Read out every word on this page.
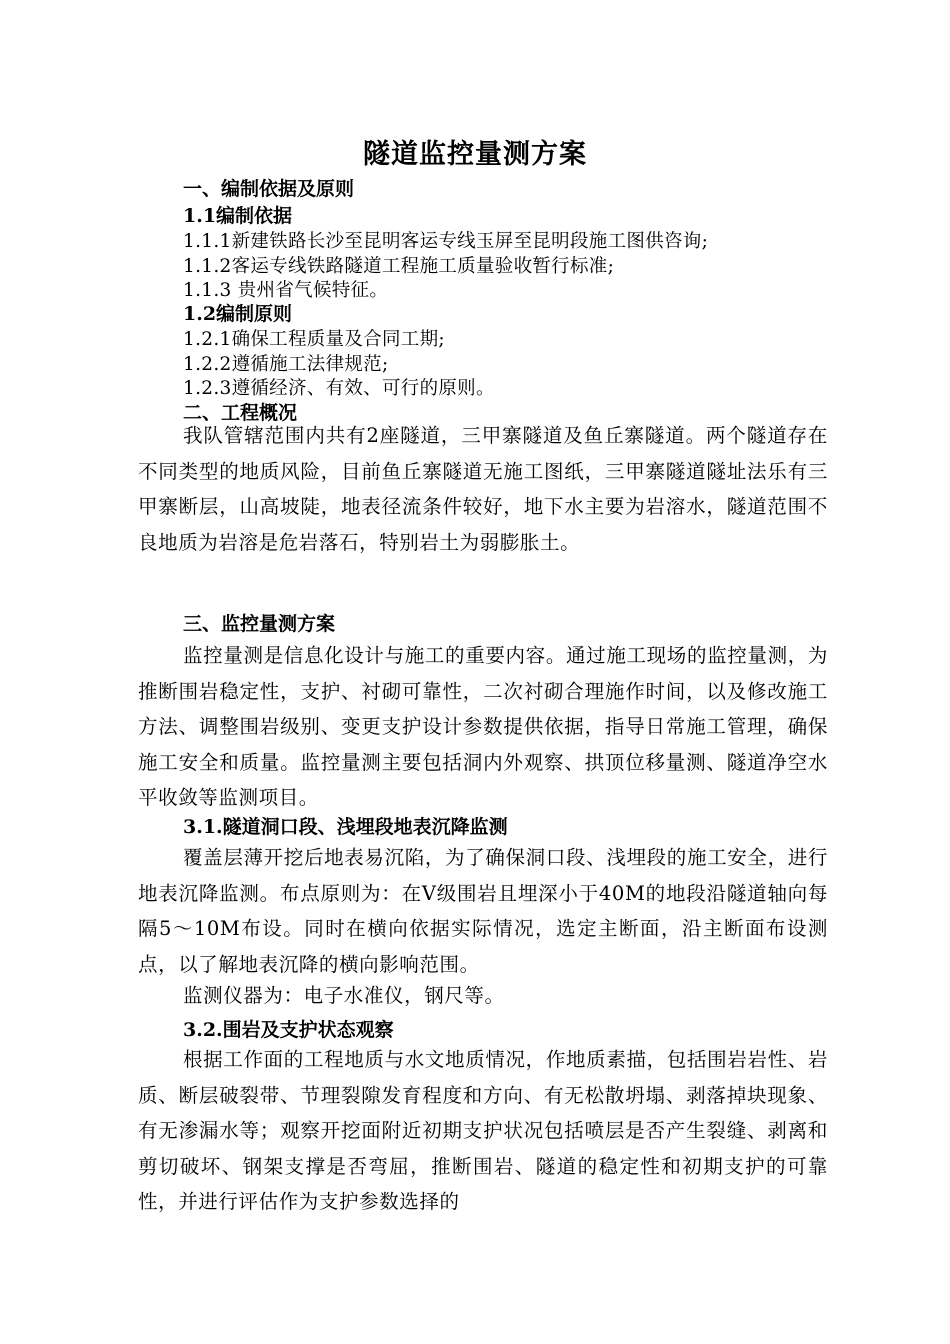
隧道监控量测方案
一、编制依据及原则
1.1编制依据
1.1.1新建铁路长沙至昆明客运专线玉屏至昆明段施工图供咨询;
1.1.2客运专线铁路隧道工程施工质量验收暂行标准;
1.1.3 贵州省气候特征。
1.2编制原则
1.2.1确保工程质量及合同工期;
1.2.2遵循施工法律规范;
1.2.3遵循经济、有效、可行的原则。
二、工程概况

我队管辖范围内共有2座隧道，三甲寨隧道及鱼丘寨隧道。两个隧道存在不同类型的地质风险，目前鱼丘寨隧道无施工图纸，三甲寨隧道隧址法乐有三甲寨断层，山高坡陡，地表径流条件较好，地下水主要为岩溶水，隧道范围不良地质为岩溶是危岩落石，特别岩土为弱膨胀土。

三、监控量测方案

监控量测是信息化设计与施工的重要内容。通过施工现场的监控量测，为推断围岩稳定性，支护、衬砌可靠性，二次衬砌合理施作时间，以及修改施工方法、调整围岩级别、变更支护设计参数提供依据，指导日常施工管理，确保施工安全和质量。监控量测主要包括洞内外观察、拱顶位移量测、隧道净空水平收敛等监测项目。

3.1.隧道洞口段、浅埋段地表沉降监测

覆盖层薄开挖后地表易沉陷，为了确保洞口段、浅埋段的施工安全，进行地表沉降监测。布点原则为：在Ⅴ级围岩且埋深小于40M的地段沿隧道轴向每隔5～10M布设。同时在横向依据实际情况，选定主断面，沿主断面布设测点，以了解地表沉降的横向影响范围。

监测仪器为：电子水准仪，钢尺等。

3.2.围岩及支护状态观察

根据工作面的工程地质与水文地质情况，作地质素描，包括围岩岩性、岩质、断层破裂带、节理裂隙发育程度和方向、有无松散坍塌、剥落掉块现象、有无渗漏水等；观察开挖面附近初期支护状况包括喷层是否产生裂缝、剥离和剪切破坏、钢架支撑是否弯屈，推断围岩、隧道的稳定性和初期支护的可靠性，并进行评估作为支护参数选择的
